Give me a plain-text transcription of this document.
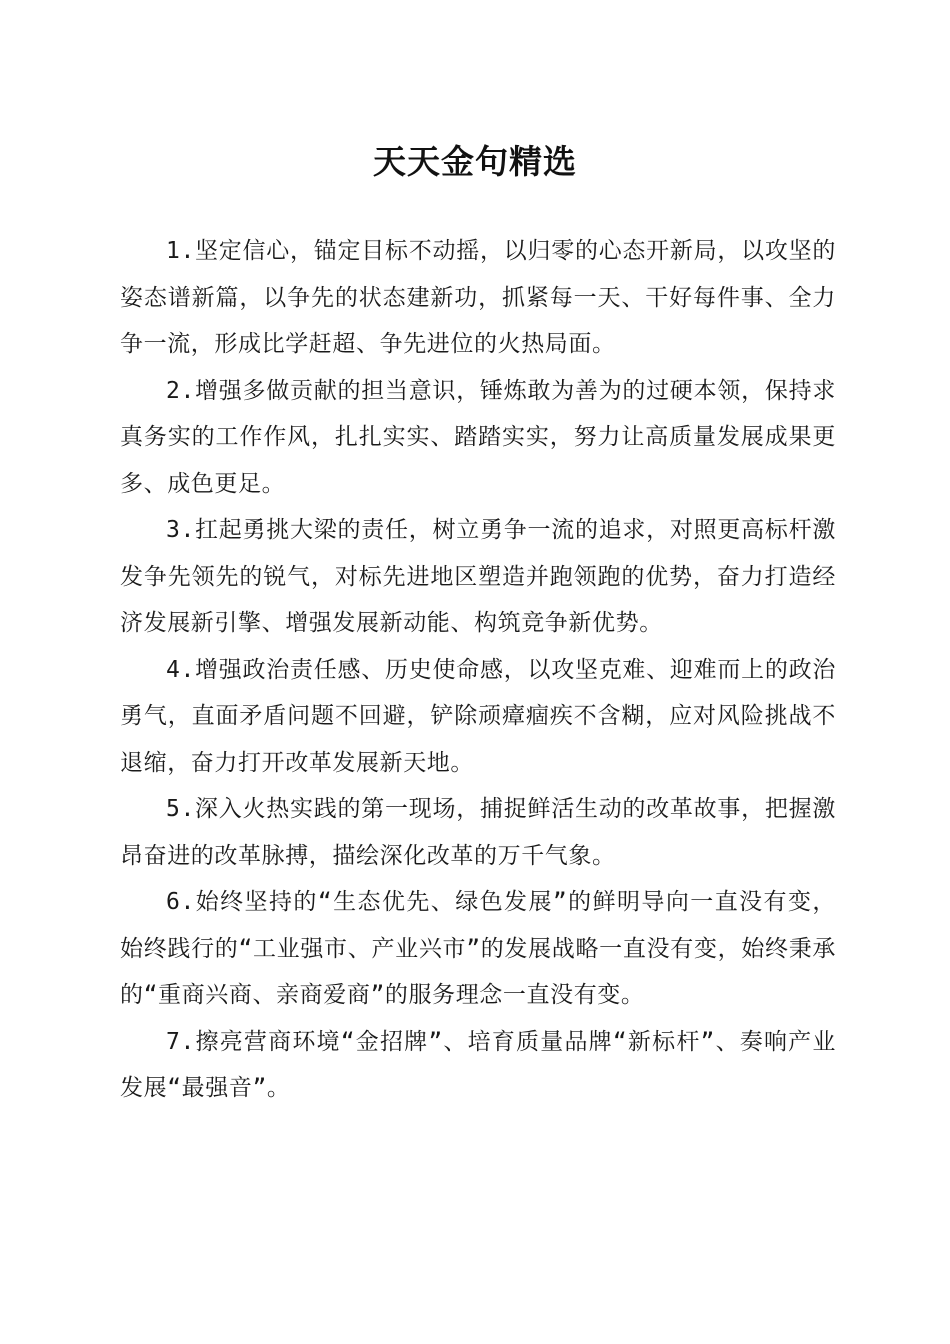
天天金句精选

1.坚定信心，锚定目标不动摇，以归零的心态开新局，以攻坚的姿态谱新篇，以争先的状态建新功，抓紧每一天、干好每件事、全力争一流，形成比学赶超、争先进位的火热局面。

2.增强多做贡献的担当意识，锤炼敢为善为的过硬本领，保持求真务实的工作作风，扎扎实实、踏踏实实，努力让高质量发展成果更多、成色更足。

3.扛起勇挑大梁的责任，树立勇争一流的追求，对照更高标杆激发争先领先的锐气，对标先进地区塑造并跑领跑的优势，奋力打造经济发展新引擎、增强发展新动能、构筑竞争新优势。

4.增强政治责任感、历史使命感，以攻坚克难、迎难而上的政治勇气，直面矛盾问题不回避，铲除顽瘴痼疾不含糊，应对风险挑战不退缩，奋力打开改革发展新天地。

5.深入火热实践的第一现场，捕捉鲜活生动的改革故事，把握激昂奋进的改革脉搏，描绘深化改革的万千气象。

6.始终坚持的“生态优先、绿色发展”的鲜明导向一直没有变，始终践行的“工业强市、产业兴市”的发展战略一直没有变，始终秉承的“重商兴商、亲商爱商”的服务理念一直没有变。

7.擦亮营商环境“金招牌”、培育质量品牌“新标杆”、奏响产业发展“最强音”。
